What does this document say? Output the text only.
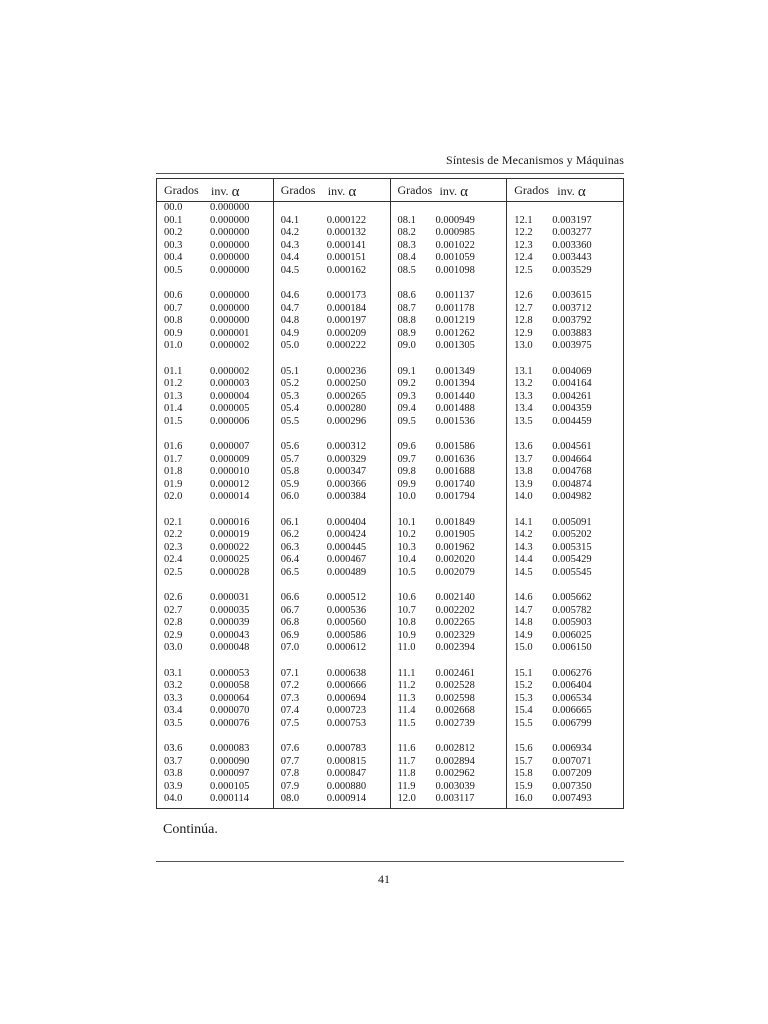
Síntesis de Mecanismos y Máquinas
Grados inv. α
00.0	0.000000
00.1	0.000000
00.2	0.000000
00.3	0.000000
00.4	0.000000
00.5	0.000000
00.6	0.000000
00.7	0.000000
00.8	0.000000
00.9	0.000001
01.0	0.000002
01.1	0.000002
01.2	0.000003
01.3	0.000004
01.4	0.000005
01.5	0.000006
01.6	0.000007
01.7	0.000009
01.8	0.000010
01.9	0.000012
02.0	0.000014
02.1	0.000016
02.2	0.000019
02.3	0.000022
02.4	0.000025
02.5	0.000028
02.6	0.000031
02.7	0.000035
02.8	0.000039
02.9	0.000043
03.0	0.000048
03.1	0.000053
03.2	0.000058
03.3	0.000064
03.4	0.000070
03.5	0.000076
03.6	0.000083
03.7	0.000090
03.8	0.000097
03.9	0.000105
04.0	0.000114
Grados inv. α
04.1	0.000122
04.2	0.000132
04.3	0.000141
04.4	0.000151
04.5	0.000162
04.6	0.000173
04.7	0.000184
04.8	0.000197
04.9	0.000209
05.0	0.000222
05.1	0.000236
05.2	0.000250
05.3	0.000265
05.4	0.000280
05.5	0.000296
05.6	0.000312
05.7	0.000329
05.8	0.000347
05.9	0.000366
06.0	0.000384
06.1	0.000404
06.2	0.000424
06.3	0.000445
06.4	0.000467
06.5	0.000489
06.6	0.000512
06.7	0.000536
06.8	0.000560
06.9	0.000586
07.0	0.000612
07.1	0.000638
07.2	0.000666
07.3	0.000694
07.4	0.000723
07.5	0.000753
07.6	0.000783
07.7	0.000815
07.8	0.000847
07.9	0.000880
08.0	0.000914
Grados inv. α
08.1 0.000949
08.2 0.000985
08.3 0.001022
08.4 0.001059
08.5 0.001098
08.6 0.001137
08.7 0.001178
08.8 0.001219
08.9 0.001262
09.0 0.001305
09.1 0.001349
09.2 0.001394
09.3 0.001440
09.4 0.001488
09.5 0.001536
09.6 0.001586
09.7 0.001636
09.8 0.001688
09.9 0.001740
10.0 0.001794
10.1 0.001849
10.2 0.001905
10.3 0.001962
10.4 0.002020
10.5 0.002079
10.6 0.002140
10.7 0.002202
10.8 0.002265
10.9 0.002329
11.0 0.002394
11.1 0.002461
11.2 0.002528
11.3 0.002598
11.4 0.002668
11.5 0.002739
11.6 0.002812
11.7 0.002894
11.8 0.002962
11.9 0.003039
12.0 0.003117
Grados inv. α
12.1 0.003197
12.2 0.003277
12.3 0.003360
12.4 0.003443
12.5 0.003529
12.6 0.003615
12.7 0.003712
12.8 0.003792
12.9 0.003883
13.0 0.003975
13.1 0.004069
13.2 0.004164
13.3 0.004261
13.4 0.004359
13.5 0.004459
13.6 0.004561
13.7 0.004664
13.8 0.004768
13.9 0.004874
14.0 0.004982
14.1 0.005091
14.2 0.005202
14.3 0.005315
14.4 0.005429
14.5 0.005545
14.6 0.005662
14.7 0.005782
14.8 0.005903
14.9 0.006025
15.0 0.006150
15.1 0.006276
15.2 0.006404
15.3 0.006534
15.4 0.006665
15.5 0.006799
15.6 0.006934
15.7 0.007071
15.8 0.007209
15.9 0.007350
16.0 0.007493
Continúa.
41
